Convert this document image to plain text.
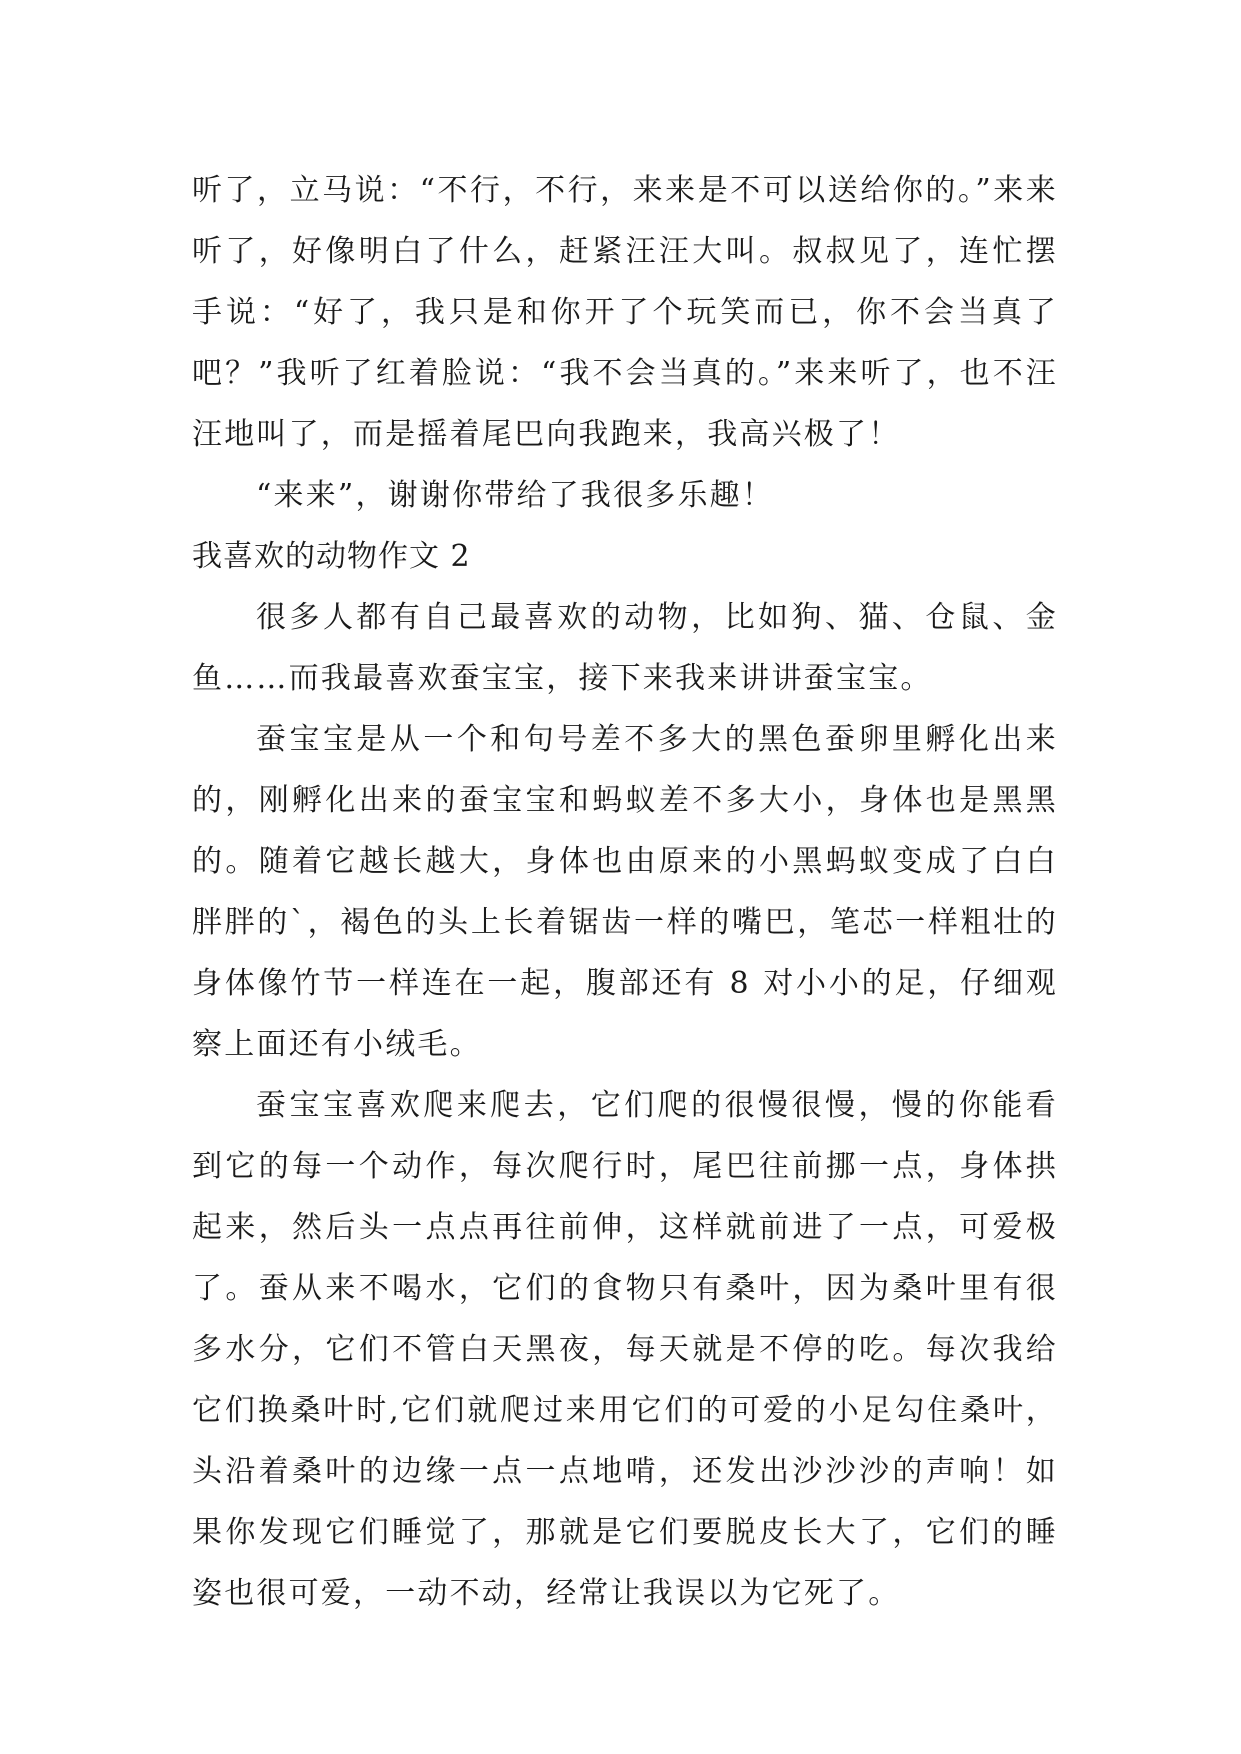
听了，立马说：“不行，不行，来来是不可以送给你的。”来来听了，好像明白了什么，赶紧汪汪大叫。叔叔见了，连忙摆手说：“好了，我只是和你开了个玩笑而已，你不会当真了吧？”我听了红着脸说：“我不会当真的。”来来听了，也不汪汪地叫了，而是摇着尾巴向我跑来，我高兴极了！

“来来”，谢谢你带给了我很多乐趣！

我喜欢的动物作文 2

很多人都有自己最喜欢的动物，比如狗、猫、仓鼠、金鱼……而我最喜欢蚕宝宝，接下来我来讲讲蚕宝宝。

蚕宝宝是从一个和句号差不多大的黑色蚕卵里孵化出来的，刚孵化出来的蚕宝宝和蚂蚁差不多大小，身体也是黑黑的。随着它越长越大，身体也由原来的小黑蚂蚁变成了白白胖胖的`，褐色的头上长着锯齿一样的嘴巴，笔芯一样粗壮的身体像竹节一样连在一起，腹部还有 8 对小小的足，仔细观察上面还有小绒毛。

蚕宝宝喜欢爬来爬去，它们爬的很慢很慢，慢的你能看到它的每一个动作，每次爬行时，尾巴往前挪一点，身体拱起来，然后头一点点再往前伸，这样就前进了一点，可爱极了。蚕从来不喝水，它们的食物只有桑叶，因为桑叶里有很多水分，它们不管白天黑夜，每天就是不停的吃。每次我给它们换桑叶时,它们就爬过来用它们的可爱的小足勾住桑叶，头沿着桑叶的边缘一点一点地啃，还发出沙沙沙的声响！如果你发现它们睡觉了，那就是它们要脱皮长大了，它们的睡姿也很可爱，一动不动，经常让我误以为它死了。
